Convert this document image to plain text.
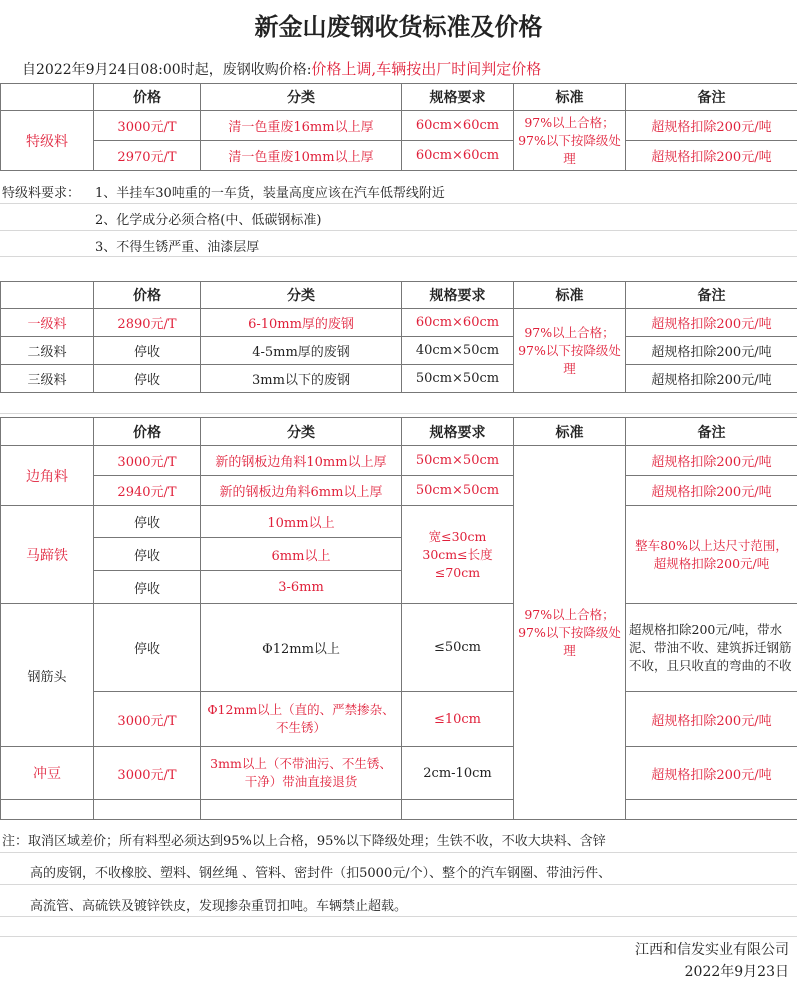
新金山废钢收货标准及价格
自2022年9月24日08:00时起，废钢收购价格:价格上调,车辆按出厂时间判定价格
	价格	分类	规格要求	标准	备注
特级料	3000元/T	清一色重废16mm以上厚	60cm×60cm	97%以上合格；97%以下按降级处理	超规格扣除200元/吨
	2970元/T	清一色重废10mm以上厚	60cm×60cm		超规格扣除200元/吨
特级料要求： 1、半挂车30吨重的一车货，装量高度应该在汽车低帮线附近
2、化学成分必须合格(中、低碳钢标准)
3、不得生锈严重、油漆层厚
	价格	分类	规格要求	标准	备注
一级料	2890元/T	6-10mm厚的废钢	60cm×60cm	97%以上合格；97%以下按降级处理	超规格扣除200元/吨
二级料	停收	4-5mm厚的废钢	40cm×50cm		超规格扣除200元/吨
三级料	停收	3mm以下的废钢	50cm×50cm		超规格扣除200元/吨
	价格	分类	规格要求	标准	备注
边角料	3000元/T	新的钢板边角料10mm以上厚	50cm×50cm	97%以上合格；97%以下按降级处理	超规格扣除200元/吨
	2940元/T	新的钢板边角料6mm以上厚	50cm×50cm		超规格扣除200元/吨
马蹄铁	停收	10mm以上	宽≤30cm 30cm≤长度≤70cm		整车80%以上达尺寸范围，超规格扣除200元/吨
	停收	6mm以上			
	停收	3-6mm			
钢筋头	停收	Φ12mm以上	≤50cm		超规格扣除200元/吨，带水泥、带油不收、建筑拆迁钢筋不收，且只收直的弯曲的不收
	3000元/T	Φ12mm以上（直的、严禁掺杂、不生锈）	≤10cm		超规格扣除200元/吨
冲豆	3000元/T	3mm以上（不带油污、不生锈、干净）带油直接退货	2cm-10cm		超规格扣除200元/吨

注：取消区域差价；所有料型必须达到95%以上合格，95%以下降级处理；生铁不收，不收大块料、含锌
高的废钢，不收橡胶、塑料、钢丝绳 、管料、密封件（扣5000元/个）、整个的汽车钢圈、带油污件、
高流管、高硫铁及镀锌铁皮，发现掺杂重罚扣吨。车辆禁止超载。
江西和信发实业有限公司
2022年9月23日
